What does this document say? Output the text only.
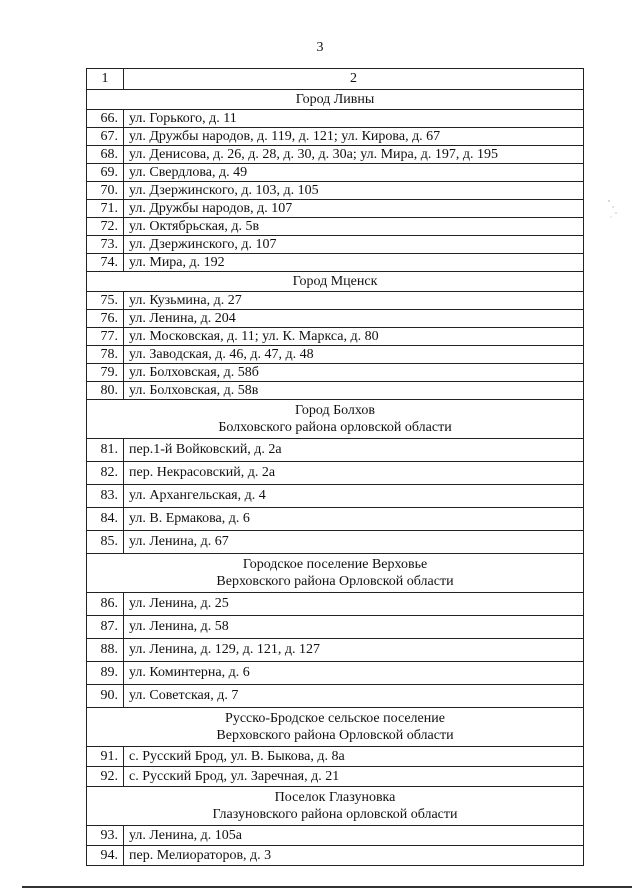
3
1	2

Город Ливны	

66.	ул. Горького, д. 11
67.	ул. Дружбы народов, д. 119, д. 121; ул. Кирова, д. 67
68.	ул. Денисова, д. 26, д. 28, д. 30, д. 30а; ул. Мира, д. 197, д. 195
69.	ул. Свердлова, д. 49
70.	ул. Дзержинского, д. 103, д. 105
71.	ул. Дружбы народов, д. 107
72.	ул. Октябрьская, д. 5в
73.	ул. Дзержинского, д. 107
74.	ул. Мира, д. 192

Город Мценск	

75.	ул. Кузьмина, д. 27
76.	ул. Ленина, д. 204
77.	ул. Московская, д. 11; ул. К. Маркса, д. 80
78.	ул. Заводская, д. 46, д. 47, д. 48
79.	ул. Болховская, д. 58б
80.	ул. Болховская, д. 58в

Город Болхов
Болховского района орловской области	

81.	пер.1-й Войковский, д. 2а
82.	пер. Некрасовский, д. 2а
83.	ул. Архангельская, д. 4
84.	ул. В. Ермакова, д. 6
85.	ул. Ленина, д. 67

Городское поселение Верховье
Верховского района Орловской области	

86.	ул. Ленина, д. 25
87.	ул. Ленина, д. 58
88.	ул. Ленина, д. 129, д. 121, д. 127
89.	ул. Коминтерна, д. 6
90.	ул. Советская, д. 7

Русско-Бродское сельское поселение
Верховского района Орловской области	

91.	с. Русский Брод, ул. В. Быкова, д. 8а
92.	с. Русский Брод, ул. Заречная, д. 21

Поселок Глазуновка
Глазуновского района орловской области	

93.	ул. Ленина, д. 105а
94.	пер. Мелиораторов, д. 3
